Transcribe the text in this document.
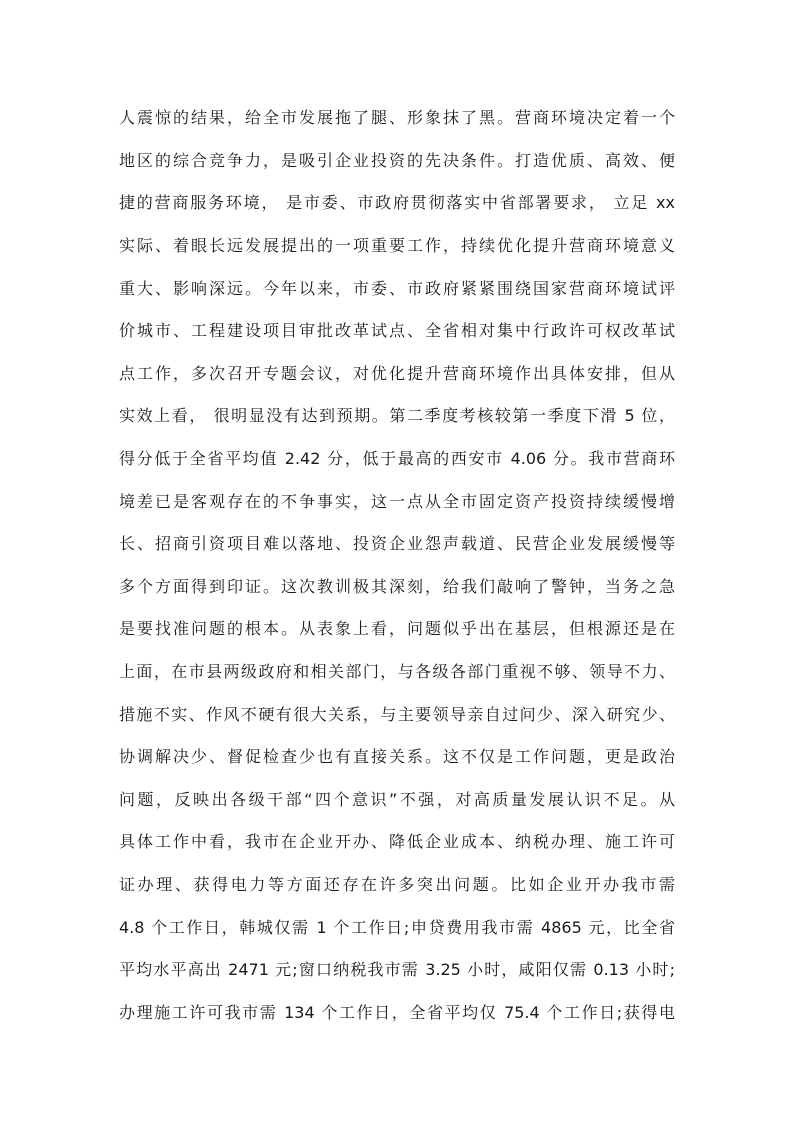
人震惊的结果，给全市发展拖了腿、形象抹了黑。营商环境决定着一个
地区的综合竞争力，是吸引企业投资的先决条件。打造优质、高效、便
捷的营商服务环境， 是市委、市政府贯彻落实中省部署要求， 立足 xx
实际、着眼长远发展提出的一项重要工作，持续优化提升营商环境意义
重大、影响深远。今年以来，市委、市政府紧紧围绕国家营商环境试评
价城市、工程建设项目审批改革试点、全省相对集中行政许可权改革试
点工作，多次召开专题会议，对优化提升营商环境作出具体安排，但从
实效上看， 很明显没有达到预期。第二季度考核较第一季度下滑 5 位，
得分低于全省平均值 2.42 分，低于最高的西安市 4.06 分。我市营商环
境差已是客观存在的不争事实，这一点从全市固定资产投资持续缓慢增
长、招商引资项目难以落地、投资企业怨声载道、民营企业发展缓慢等
多个方面得到印证。这次教训极其深刻，给我们敲响了警钟，当务之急
是要找准问题的根本。从表象上看，问题似乎出在基层，但根源还是在
上面，在市县两级政府和相关部门，与各级各部门重视不够、领导不力、
措施不实、作风不硬有很大关系，与主要领导亲自过问少、深入研究少、
协调解决少、督促检查少也有直接关系。这不仅是工作问题，更是政治
问题，反映出各级干部“四个意识”不强，对高质量发展认识不足。从
具体工作中看，我市在企业开办、降低企业成本、纳税办理、施工许可
证办理、获得电力等方面还存在许多突出问题。比如企业开办我市需
4.8 个工作日，韩城仅需 1 个工作日;申贷费用我市需 4865 元，比全省
平均水平高出 2471 元;窗口纳税我市需 3.25 小时，咸阳仅需 0.13 小时;
办理施工许可我市需 134 个工作日，全省平均仅 75.4 个工作日;获得电
